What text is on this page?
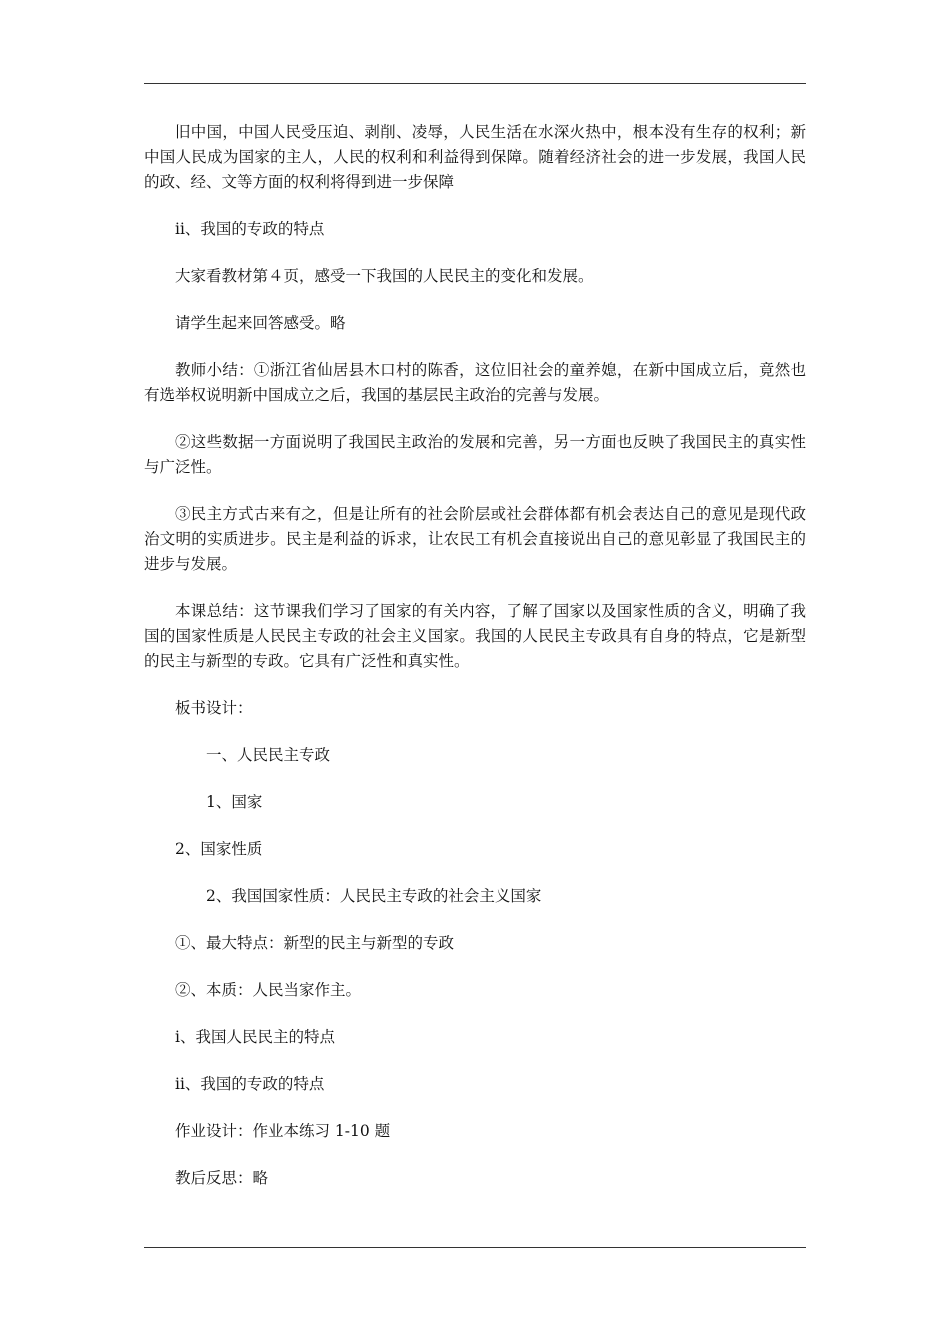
旧中国，中国人民受压迫、剥削、凌辱，人民生活在水深火热中，根本没有生存的权利；新中国人民成为国家的主人，人民的权利和利益得到保障。随着经济社会的进一步发展，我国人民的政、经、文等方面的权利将得到进一步保障

ⅱ、我国的专政的特点

大家看教材第４页，感受一下我国的人民民主的变化和发展。

请学生起来回答感受。略

教师小结：①浙江省仙居县木口村的陈香，这位旧社会的童养媳，在新中国成立后，竟然也有选举权说明新中国成立之后，我国的基层民主政治的完善与发展。

②这些数据一方面说明了我国民主政治的发展和完善，另一方面也反映了我国民主的真实性与广泛性。

③民主方式古来有之，但是让所有的社会阶层或社会群体都有机会表达自己的意见是现代政治文明的实质进步。民主是利益的诉求，让农民工有机会直接说出自己的意见彰显了我国民主的进步与发展。

本课总结：这节课我们学习了国家的有关内容，了解了国家以及国家性质的含义，明确了我国的国家性质是人民民主专政的社会主义国家。我国的人民民主专政具有自身的特点，它是新型的民主与新型的专政。它具有广泛性和真实性。

板书设计：

一、人民民主专政

1、国家

2、国家性质

2、我国国家性质：人民民主专政的社会主义国家

①、最大特点：新型的民主与新型的专政

②、本质：人民当家作主。

ⅰ、我国人民民主的特点

ⅱ、我国的专政的特点

作业设计：作业本练习 1-10 题

教后反思：略
